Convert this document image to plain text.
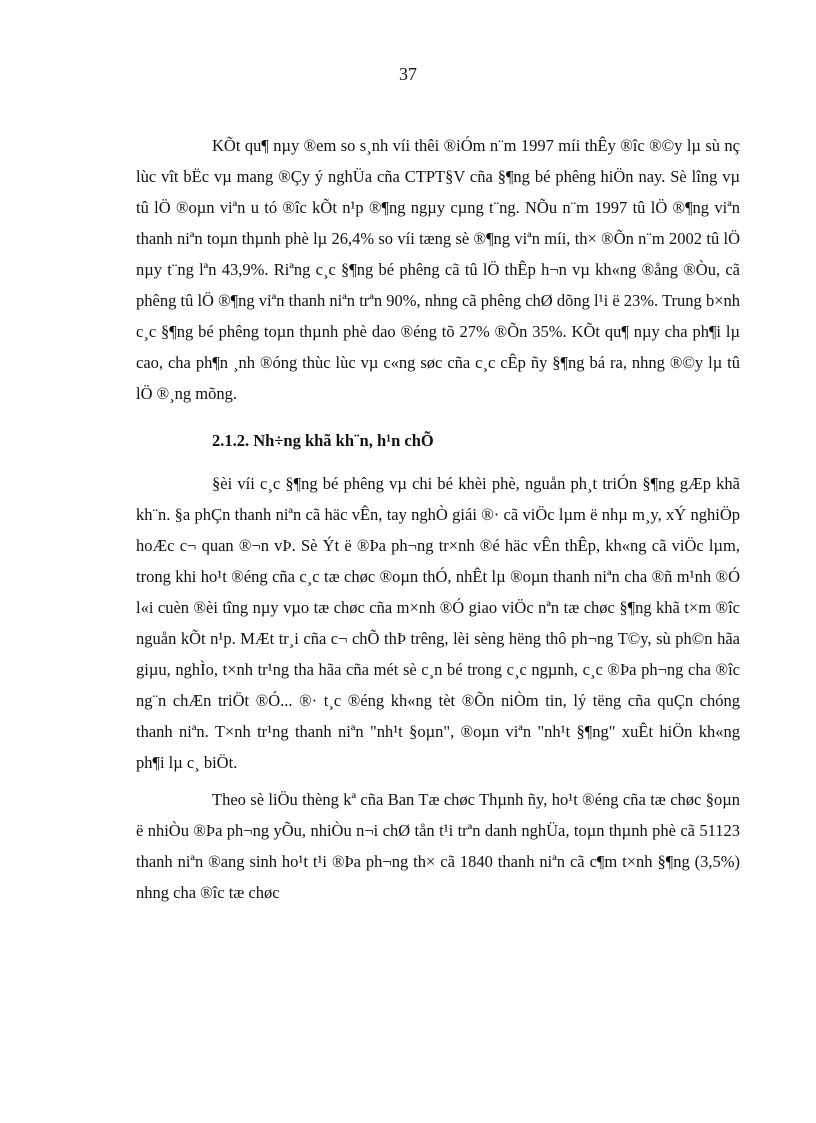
37

KÕt qu¶ nµy ®em so s¸nh víi thêi ®iÓm n¨m 1997 míi thÊy ®îc ®©y lµ sù nç lùc vît bËc vµ mang ®Çy ý nghÜa cña CTPT§V cña §¶ng bé phêng hiÖn nay. Sè lîng vµ tû lÖ ®oµn viªn u tó ®îc kÕt n¹p ®¶ng ngµy cµng t¨ng. NÕu n¨m 1997 tû lÖ ®¶ng viªn thanh niªn toµn thµnh phè lµ 26,4% so víi tæng sè ®¶ng viªn míi, th× ®Õn n¨m 2002 tû lÖ nµy t¨ng lªn 43,9%. Riªng c¸c §¶ng bé phêng cã tû lÖ thÊp h¬n vµ kh«ng ®ång ®Òu, cã phêng tû lÖ ®¶ng viªn thanh niªn trªn 90%, nhng cã phêng chØ dõng l¹i ë 23%. Trung b×nh c¸c §¶ng bé phêng toµn thµnh phè dao ®éng tõ 27% ®Õn 35%. KÕt qu¶ nµy cha ph¶i lµ cao, cha ph¶n ¸nh ®óng thùc lùc vµ c«ng søc cña c¸c cÊp ñy §¶ng bá ra, nhng ®©y lµ tû lÖ ®¸ng mõng.

2.1.2. Nh÷ng khã kh¨n, h¹n chÕ

§èi víi c¸c §¶ng bé phêng vµ chi bé khèi phè, nguån ph¸t triÓn §¶ng gÆp khã kh¨n. §a phÇn thanh niªn cã häc vÊn, tay nghÒ giái ®· cã viÖc lµm ë nhµ m¸y, xÝ nghiÖp hoÆc c¬ quan ®¬n vÞ. Sè Ýt ë ®Þa ph¬ng tr×nh ®é häc vÊn thÊp, kh«ng cã viÖc lµm, trong khi ho¹t ®éng cña c¸c tæ chøc ®oµn thÓ, nhÊt lµ ®oµn thanh niªn cha ®ñ m¹nh ®Ó l«i cuèn ®èi tîng nµy vµo tæ chøc cña m×nh ®Ó giao viÖc nªn tæ chøc §¶ng khã t×m ®îc nguån kÕt n¹p. MÆt tr¸i cña c¬ chÕ thÞ trêng, lèi sèng hëng thô ph¬ng T©y, sù ph©n hãa giµu, nghÌo, t×nh tr¹ng tha hãa cña mét sè c¸n bé trong c¸c ngµnh, c¸c ®Þa ph¬ng cha ®îc ng¨n chÆn triÖt ®Ó... ®· t¸c ®éng kh«ng tèt ®Õn niÒm tin, lý tëng cña quÇn chóng thanh niªn. T×nh tr¹ng thanh niªn "nh¹t §oµn", ®oµn viªn "nh¹t §¶ng" xuÊt hiÖn kh«ng ph¶i lµ c¸ biÖt.

Theo sè liÖu thèng kª cña Ban Tæ chøc Thµnh ñy, ho¹t ®éng cña tæ chøc §oµn ë nhiÒu ®Þa ph¬ng yÕu, nhiÒu n¬i chØ tån t¹i trªn danh nghÜa, toµn thµnh phè cã 51123 thanh niªn ®ang sinh ho¹t t¹i ®Þa ph¬ng th× cã 1840 thanh niªn cã c¶m t×nh §¶ng (3,5%) nhng cha ®îc tæ chøc
